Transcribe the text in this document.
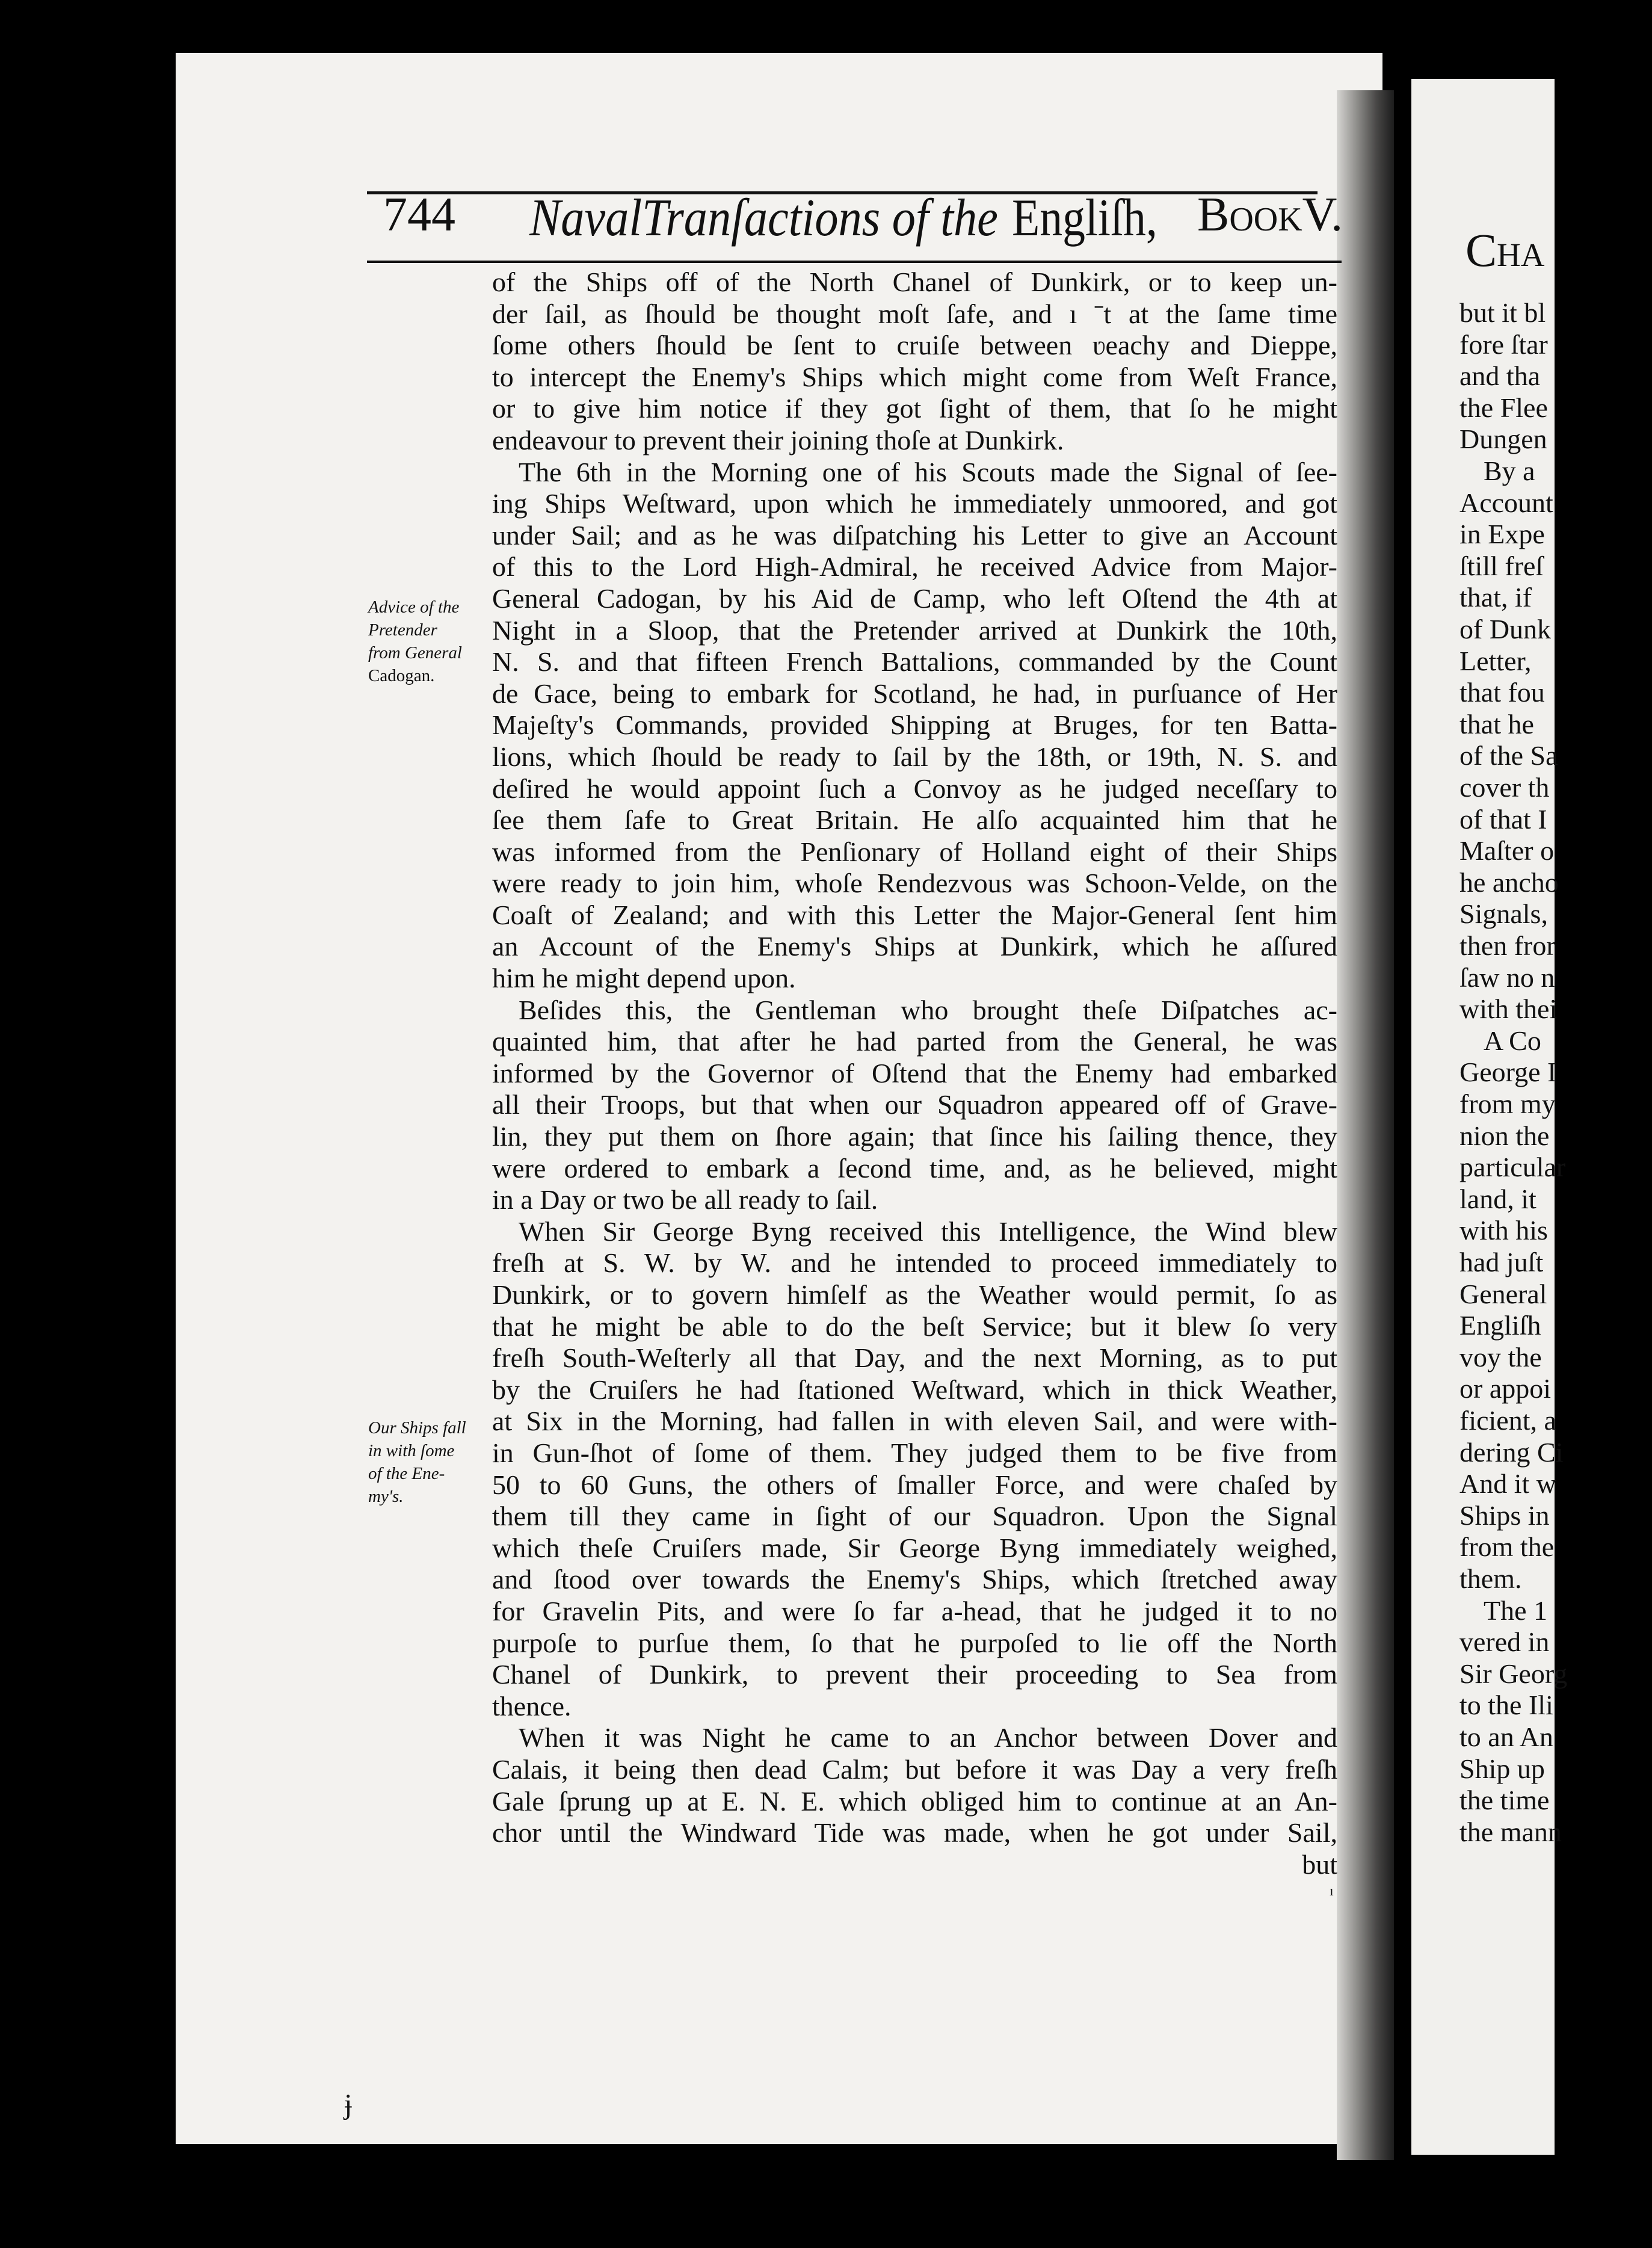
Cha
but it bl
fore ſtar
and tha
the Flee
Dungen
By a
Account
in Expe
ſtill freſ
that, if
of Dunk
Letter,
that fou
that he
of the Sa
cover th
of that I
Maſter o
he ancho
Signals,
then fror
ſaw no n
with thei
A Co
George I
from my
nion the
particular
land, it
with his
had juſt
General
Engliſh
voy the
or appoi
ficient, a
dering Ci
And it w
Ships in
from the
them.
The 1
vered in
Sir Georg
to the Ili
to an An
Ship up
the time
the mann
744 NavalTranſactions of the Engliſh, BookV.
of the Ships off of the North Chanel of Dunkirk, or to keep un-
der ſail, as ſhould be thought moſt ſafe, and ı ˉt at the ſame time
ſome others ſhould be ſent to cruiſe between ʋeachy and Dieppe,
to intercept the Enemy's Ships which might come from Weſt France,
or to give him notice if they got ſight of them, that ſo he might
endeavour to prevent their joining thoſe at Dunkirk.
The 6th in the Morning one of his Scouts made the Signal of ſee-
ing Ships Weſtward, upon which he immediately unmoored, and got
under Sail; and as he was diſpatching his Letter to give an Account
of this to the Lord High-Admiral, he received Advice from Major-
General Cadogan, by his Aid de Camp, who left Oſtend the 4th at
Night in a Sloop, that the Pretender arrived at Dunkirk the 10th,
N. S. and that fifteen French Battalions, commanded by the Count
de Gace, being to embark for Scotland, he had, in purſuance of Her
Majeſty's Commands, provided Shipping at Bruges, for ten Batta-
lions, which ſhould be ready to ſail by the 18th, or 19th, N. S. and
deſired he would appoint ſuch a Convoy as he judged neceſſary to
ſee them ſafe to Great Britain. He alſo acquainted him that he
was informed from the Penſionary of Holland eight of their Ships
were ready to join him, whoſe Rendezvous was Schoon-Velde, on the
Coaſt of Zealand; and with this Letter the Major-General ſent him
an Account of the Enemy's Ships at Dunkirk, which he aſſured
him he might depend upon.
Beſides this, the Gentleman who brought theſe Diſpatches ac-
quainted him, that after he had parted from the General, he was
informed by the Governor of Oſtend that the Enemy had embarked
all their Troops, but that when our Squadron appeared off of Grave-
lin, they put them on ſhore again; that ſince his ſailing thence, they
were ordered to embark a ſecond time, and, as he believed, might
in a Day or two be all ready to ſail.
When Sir George Byng received this Intelligence, the Wind blew
freſh at S. W. by W. and he intended to proceed immediately to
Dunkirk, or to govern himſelf as the Weather would permit, ſo as
that he might be able to do the beſt Service; but it blew ſo very
freſh South-Weſterly all that Day, and the next Morning, as to put
by the Cruiſers he had ſtationed Weſtward, which in thick Weather,
at Six in the Morning, had fallen in with eleven Sail, and were with-
in Gun-ſhot of ſome of them. They judged them to be five from
50 to 60 Guns, the others of ſmaller Force, and were chaſed by
them till they came in ſight of our Squadron. Upon the Signal
which theſe Cruiſers made, Sir George Byng immediately weighed,
and ſtood over towards the Enemy's Ships, which ſtretched away
for Gravelin Pits, and were ſo far a-head, that he judged it to no
purpoſe to purſue them, ſo that he purpoſed to lie off the North
Chanel of Dunkirk, to prevent their proceeding to Sea from
thence.
When it was Night he came to an Anchor between Dover and
Calais, it being then dead Calm; but before it was Day a very freſh
Gale ſprung up at E. N. E. which obliged him to continue at an An-
chor until the Windward Tide was made, when he got under Sail,
but
Advice of the
Pretender
from General
Cadogan.
Our Ships fall
in with ſome
of the Ene-
my's.
ı
ɉ
